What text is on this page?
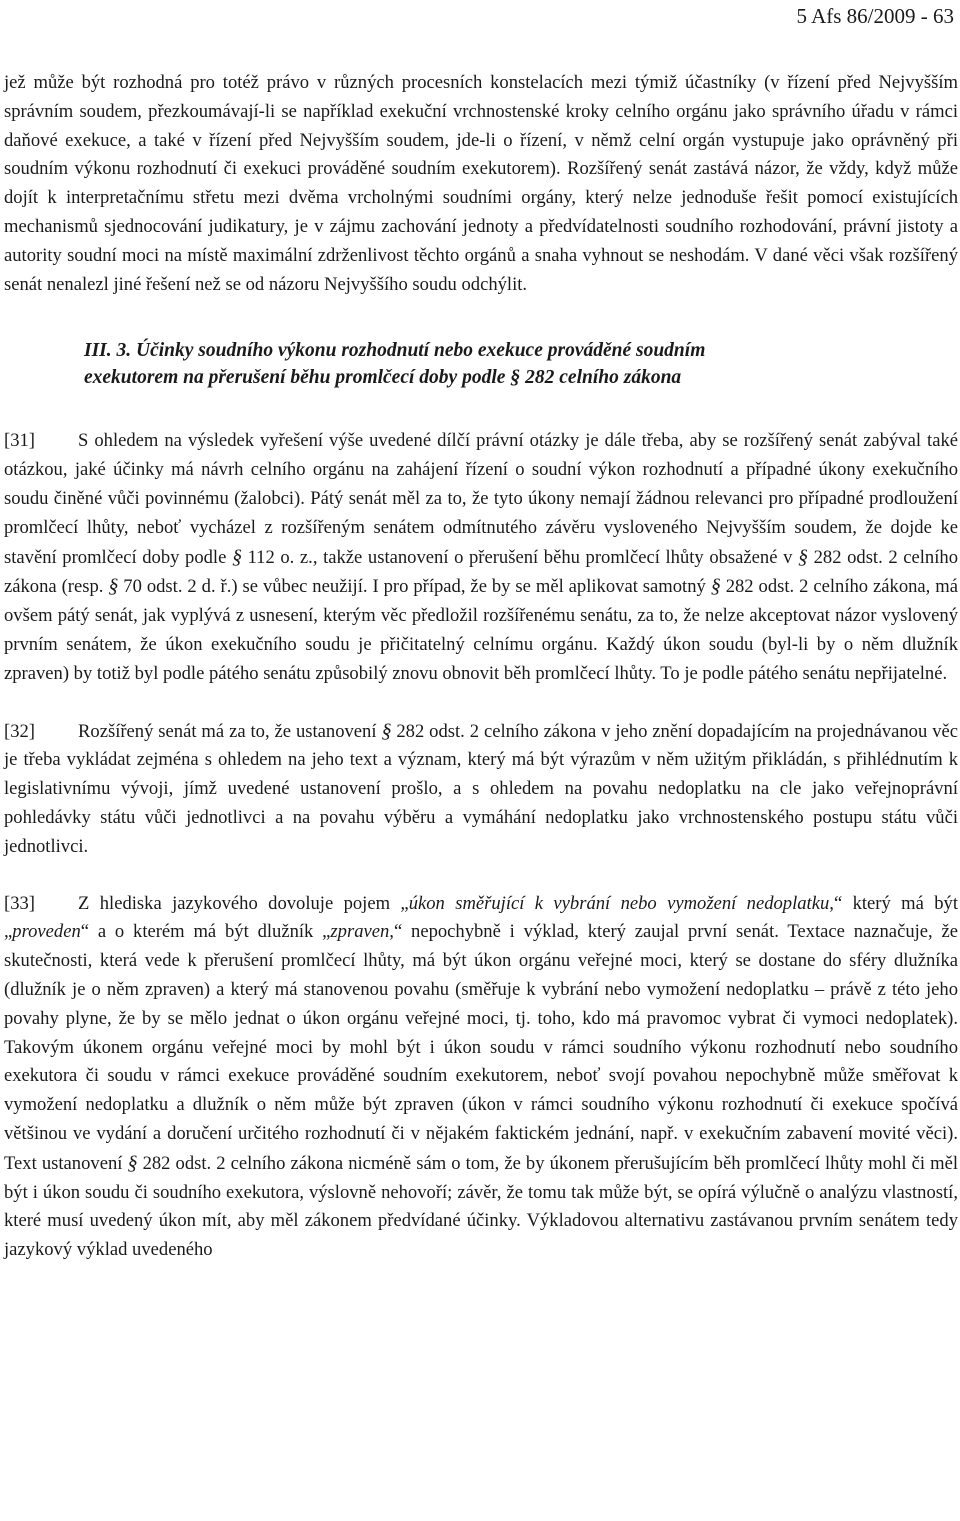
5 Afs 86/2009 - 63

jež může být rozhodná pro totéž právo v různých procesních konstelacích mezi týmiž účastníky (v řízení před Nejvyšším správním soudem, přezkoumávají-li se například exekuční vrchnostenské kroky celního orgánu jako správního úřadu v rámci daňové exekuce, a také v řízení před Nejvyšším soudem, jde-li o řízení, v němž celní orgán vystupuje jako oprávněný při soudním výkonu rozhodnutí či exekuci prováděné soudním exekutorem). Rozšířený senát zastává názor, že vždy, když může dojít k interpretačnímu střetu mezi dvěma vrcholnými soudními orgány, který nelze jednoduše řešit pomocí existujících mechanismů sjednocování judikatury, je v zájmu zachování jednoty a předvídatelnosti soudního rozhodování, právní jistoty a autority soudní moci na místě maximální zdrženlivost těchto orgánů a snaha vyhnout se neshodám. V dané věci však rozšířený senát nenalezl jiné řešení než se od názoru Nejvyššího soudu odchýlit.

III. 3. Účinky soudního výkonu rozhodnutí nebo exekuce prováděné soudním
exekutorem na přerušení běhu promlčecí doby podle § 282 celního zákona

[31] S ohledem na výsledek vyřešení výše uvedené dílčí právní otázky je dále třeba, aby se rozšířený senát zabýval také otázkou, jaké účinky má návrh celního orgánu na zahájení řízení o soudní výkon rozhodnutí a případné úkony exekučního soudu činěné vůči povinnému (žalobci). Pátý senát měl za to, že tyto úkony nemají žádnou relevanci pro případné prodloužení promlčecí lhůty, neboť vycházel z rozšířeným senátem odmítnutého závěru vysloveného Nejvyšším soudem, že dojde ke stavění promlčecí doby podle § 112 o. z., takže ustanovení o přerušení běhu promlčecí lhůty obsažené v § 282 odst. 2 celního zákona (resp. § 70 odst. 2 d. ř.) se vůbec neužijí. I pro případ, že by se měl aplikovat samotný § 282 odst. 2 celního zákona, má ovšem pátý senát, jak vyplývá z usnesení, kterým věc předložil rozšířenému senátu, za to, že nelze akceptovat názor vyslovený prvním senátem, že úkon exekučního soudu je přičitatelný celnímu orgánu. Každý úkon soudu (byl-li by o něm dlužník zpraven) by totiž byl podle pátého senátu způsobilý znovu obnovit běh promlčecí lhůty. To je podle pátého senátu nepřijatelné.

[32] Rozšířený senát má za to, že ustanovení § 282 odst. 2 celního zákona v jeho znění dopadajícím na projednávanou věc je třeba vykládat zejména s ohledem na jeho text a význam, který má být výrazům v něm užitým přikládán, s přihlédnutím k legislativnímu vývoji, jímž uvedené ustanovení prošlo, a s ohledem na povahu nedoplatku na cle jako veřejnoprávní pohledávky státu vůči jednotlivci a na povahu výběru a vymáhání nedoplatku jako vrchnostenského postupu státu vůči jednotlivci.

[33] Z hlediska jazykového dovoluje pojem „úkon směřující k vybrání nebo vymožení nedoplatku,“ který má být „proveden“ a o kterém má být dlužník „zpraven,“ nepochybně i výklad, který zaujal první senát. Textace naznačuje, že skutečnosti, která vede k přerušení promlčecí lhůty, má být úkon orgánu veřejné moci, který se dostane do sféry dlužníka (dlužník je o něm zpraven) a který má stanovenou povahu (směřuje k vybrání nebo vymožení nedoplatku – právě z této jeho povahy plyne, že by se mělo jednat o úkon orgánu veřejné moci, tj. toho, kdo má pravomoc vybrat či vymoci nedoplatek). Takovým úkonem orgánu veřejné moci by mohl být i úkon soudu v rámci soudního výkonu rozhodnutí nebo soudního exekutora či soudu v rámci exekuce prováděné soudním exekutorem, neboť svojí povahou nepochybně může směřovat k vymožení nedoplatku a dlužník o něm může být zpraven (úkon v rámci soudního výkonu rozhodnutí či exekuce spočívá většinou ve vydání a doručení určitého rozhodnutí či v nějakém faktickém jednání, např. v exekučním zabavení movité věci). Text ustanovení § 282 odst. 2 celního zákona nicméně sám o tom, že by úkonem přerušujícím běh promlčecí lhůty mohl či měl být i úkon soudu či soudního exekutora, výslovně nehovoří; závěr, že tomu tak může být, se opírá výlučně o analýzu vlastností, které musí uvedený úkon mít, aby měl zákonem předvídané účinky. Výkladovou alternativu zastávanou prvním senátem tedy jazykový výklad uvedeného
